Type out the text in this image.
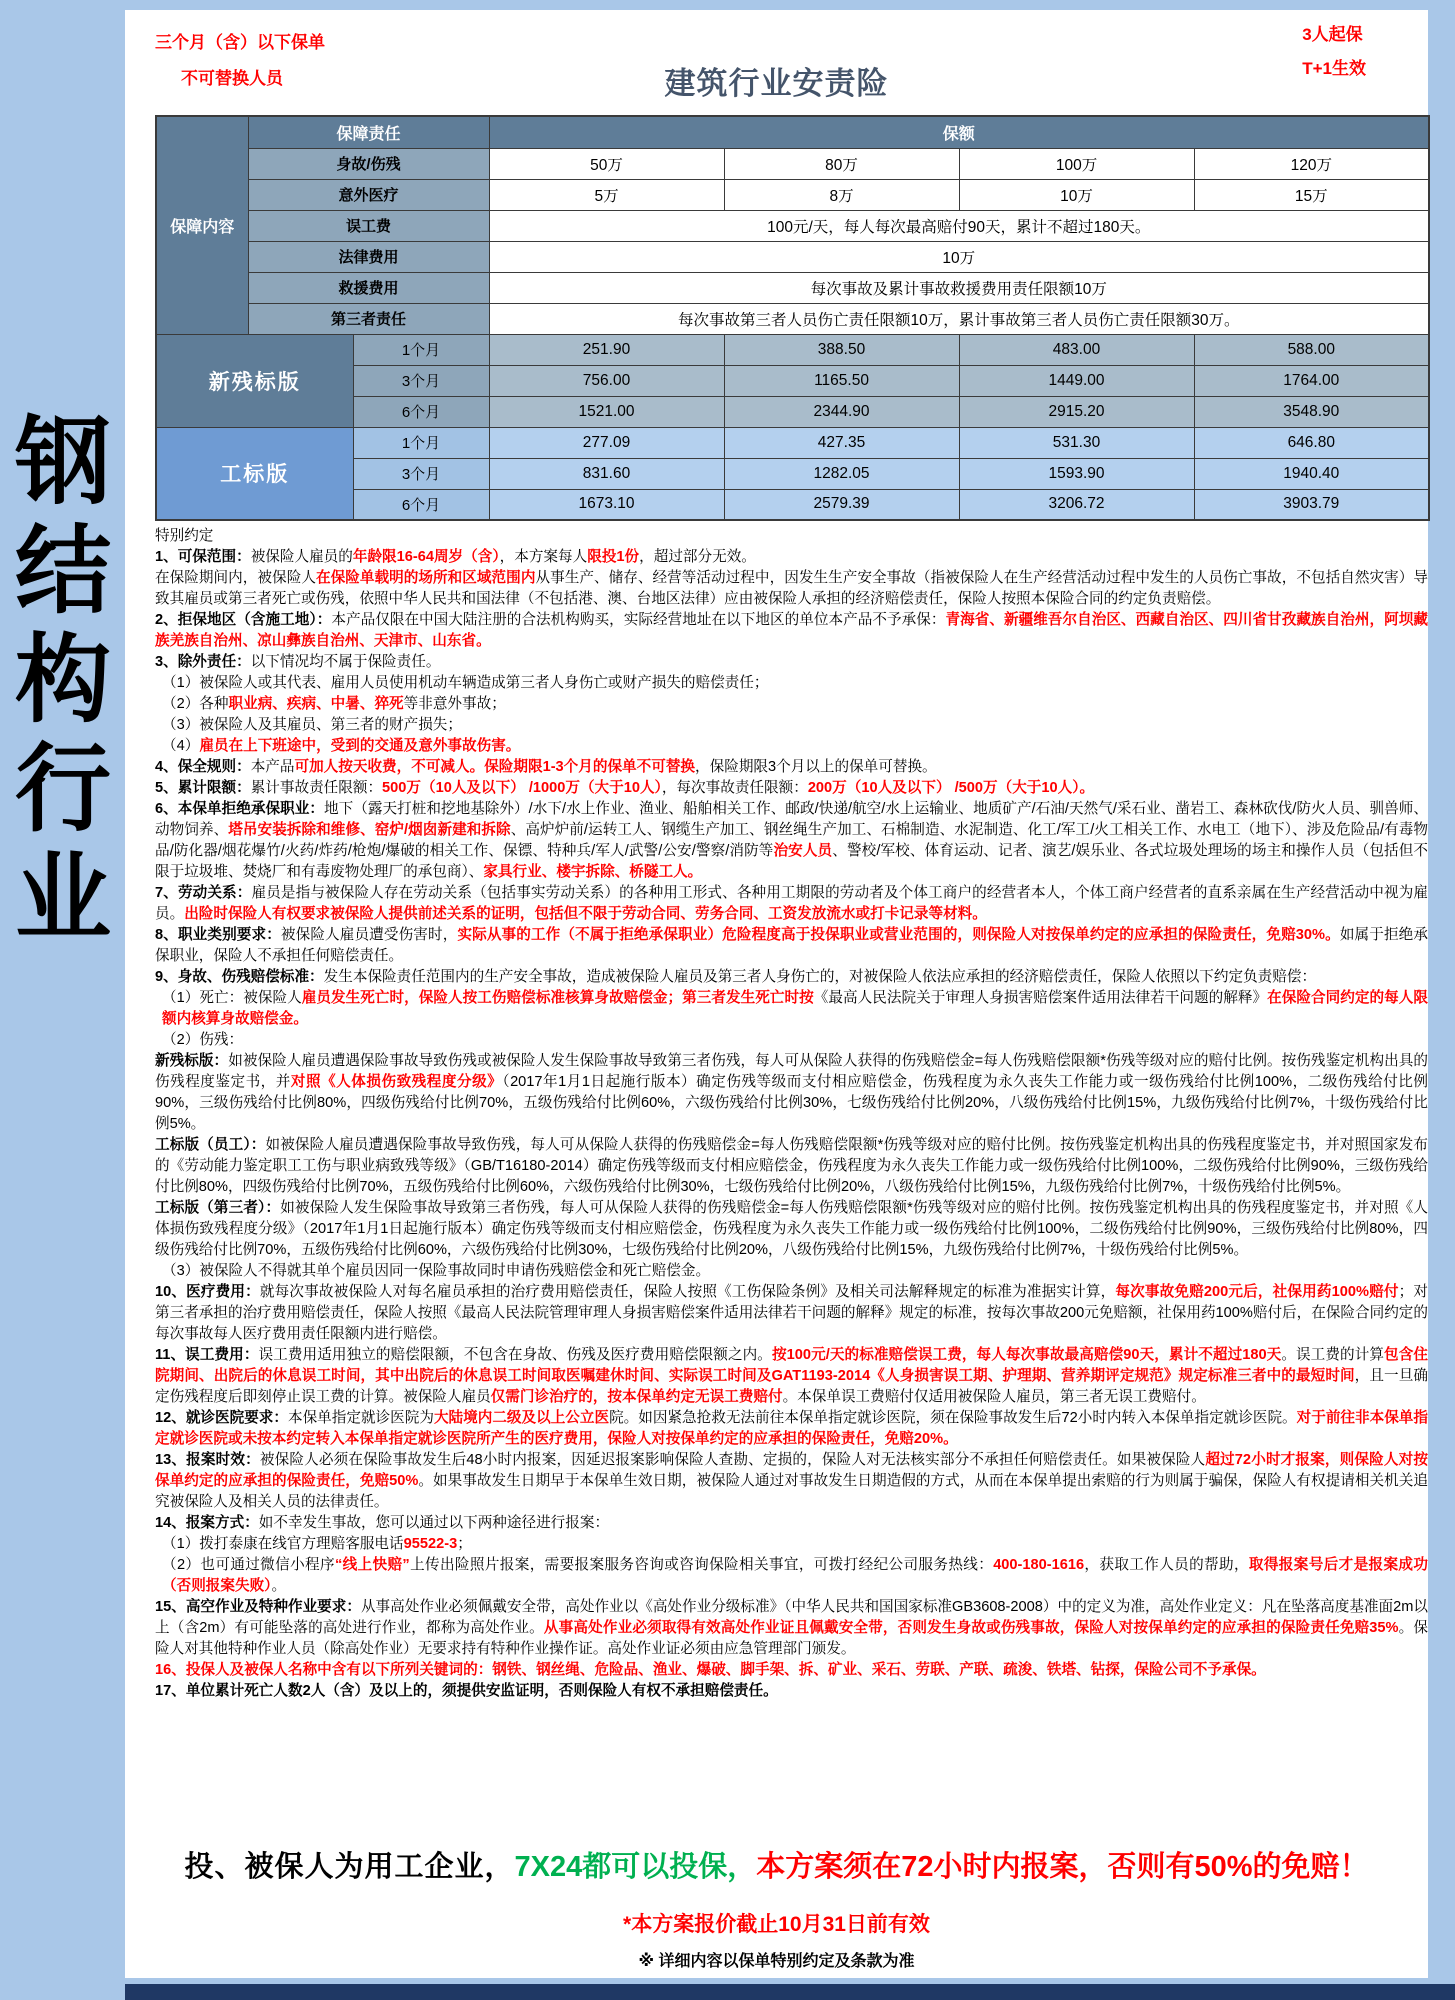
钢
结
构
行
业
三个月（含）以下保单
不可替换人员	建筑行业安责险
3人起保
T+1生效
保障内容	保障责任		保额			
	身故/伤残		50万	80万	100万	120万
	意外医疗		5万	8万	10万	15万
	误工费		100元/天，每人每次最高赔付90天，累计不超过180天。			
	法律费用		10万			
	救援费用		每次事故及累计事故救援费用责任限额10万			
	第三者责任		每次事故第三者人员伤亡责任限额10万，累计事故第三者人员伤亡责任限额30万。			
新残标版		1个月	251.90	388.50	483.00	588.00
		3个月	756.00	1165.50	1449.00	1764.00
		6个月	1521.00	2344.90	2915.20	3548.90
工标版		1个月	277.09	427.35	531.30	646.80
		3个月	831.60	1282.05	1593.90	1940.40
		6个月	1673.10	2579.39	3206.72	3903.79
特别约定
1、可保范围：被保险人雇员的年龄限16-64周岁（含），本方案每人限投1份，超过部分无效。
在保险期间内，被保险人在保险单载明的场所和区域范围内从事生产、储存、经营等活动过程中，因发生生产安全事故（指被保险人在生产经营活动过程中发生的人员伤亡事故，不包括自然灾害）导致其雇员或第三者死亡或伤残，依照中华人民共和国法律（不包括港、澳、台地区法律）应由被保险人承担的经济赔偿责任，保险人按照本保险合同的约定负责赔偿。
2、拒保地区（含施工地）：本产品仅限在中国大陆注册的合法机构购买，实际经营地址在以下地区的单位本产品不予承保：青海省、新疆维吾尔自治区、西藏自治区、四川省甘孜藏族自治州，阿坝藏族羌族自治州、凉山彝族自治州、天津市、山东省。
3、除外责任：以下情况均不属于保险责任。
（1）被保险人或其代表、雇用人员使用机动车辆造成第三者人身伤亡或财产损失的赔偿责任；
（2）各种职业病、疾病、中暑、猝死等非意外事故；
（3）被保险人及其雇员、第三者的财产损失；
（4）雇员在上下班途中，受到的交通及意外事故伤害。
4、保全规则：本产品可加人按天收费，不可减人。保险期限1-3个月的保单不可替换，保险期限3个月以上的保单可替换。
5、累计限额：累计事故责任限额：500万（10人及以下） /1000万（大于10人），每次事故责任限额：200万（10人及以下） /500万（大于10人）。
6、本保单拒绝承保职业：地下（露天打桩和挖地基除外）/水下/水上作业、渔业、船舶相关工作、邮政/快递/航空/水上运输业、地质矿产/石油/天然气/采石业、凿岩工、森林砍伐/防火人员、驯兽师、动物饲养、塔吊安装拆除和维修、窑炉/烟囱新建和拆除、高炉炉前/运转工人、钢缆生产加工、钢丝绳生产加工、石棉制造、水泥制造、化工/军工/火工相关工作、水电工（地下）、涉及危险品/有毒物品/防化器/烟花爆竹/火药/炸药/枪炮/爆破的相关工作、保镖、特种兵/军人/武警/公安/警察/消防等治安人员、警校/军校、体育运动、记者、演艺/娱乐业、各式垃圾处理场的场主和操作人员（包括但不限于垃圾堆、焚烧厂和有毒废物处理厂的承包商）、家具行业、楼宇拆除、桥隧工人。
7、劳动关系：雇员是指与被保险人存在劳动关系（包括事实劳动关系）的各种用工形式、各种用工期限的劳动者及个体工商户的经营者本人，个体工商户经营者的直系亲属在生产经营活动中视为雇员。出险时保险人有权要求被保险人提供前述关系的证明，包括但不限于劳动合同、劳务合同、工资发放流水或打卡记录等材料。
8、职业类别要求：被保险人雇员遭受伤害时，实际从事的工作（不属于拒绝承保职业）危险程度高于投保职业或营业范围的，则保险人对按保单约定的应承担的保险责任，免赔30%。如属于拒绝承保职业，保险人不承担任何赔偿责任。
9、身故、伤残赔偿标准：发生本保险责任范围内的生产安全事故，造成被保险人雇员及第三者人身伤亡的，对被保险人依法应承担的经济赔偿责任，保险人依照以下约定负责赔偿：
（1）死亡：被保险人雇员发生死亡时，保险人按工伤赔偿标准核算身故赔偿金；第三者发生死亡时按《最高人民法院关于审理人身损害赔偿案件适用法律若干问题的解释》在保险合同约定的每人限额内核算身故赔偿金。
（2）伤残：
新残标版：如被保险人雇员遭遇保险事故导致伤残或被保险人发生保险事故导致第三者伤残，每人可从保险人获得的伤残赔偿金=每人伤残赔偿限额*伤残等级对应的赔付比例。按伤残鉴定机构出具的伤残程度鉴定书，并对照《人体损伤致残程度分级》（2017年1月1日起施行版本）确定伤残等级而支付相应赔偿金，伤残程度为永久丧失工作能力或一级伤残给付比例100%，二级伤残给付比例90%，三级伤残给付比例80%，四级伤残给付比例70%，五级伤残给付比例60%，六级伤残给付比例30%，七级伤残给付比例20%，八级伤残给付比例15%，九级伤残给付比例7%，十级伤残给付比例5%。
工标版（员工）：如被保险人雇员遭遇保险事故导致伤残，每人可从保险人获得的伤残赔偿金=每人伤残赔偿限额*伤残等级对应的赔付比例。按伤残鉴定机构出具的伤残程度鉴定书，并对照国家发布的《劳动能力鉴定职工工伤与职业病致残等级》（GB/T16180-2014）确定伤残等级而支付相应赔偿金，伤残程度为永久丧失工作能力或一级伤残给付比例100%，二级伤残给付比例90%，三级伤残给付比例80%，四级伤残给付比例70%，五级伤残给付比例60%，六级伤残给付比例30%，七级伤残给付比例20%，八级伤残给付比例15%，九级伤残给付比例7%，十级伤残给付比例5%。
工标版（第三者）：如被保险人发生保险事故导致第三者伤残，每人可从保险人获得的伤残赔偿金=每人伤残赔偿限额*伤残等级对应的赔付比例。按伤残鉴定机构出具的伤残程度鉴定书，并对照《人体损伤致残程度分级》（2017年1月1日起施行版本）确定伤残等级而支付相应赔偿金，伤残程度为永久丧失工作能力或一级伤残给付比例100%，二级伤残给付比例90%，三级伤残给付比例80%，四级伤残给付比例70%，五级伤残给付比例60%，六级伤残给付比例30%，七级伤残给付比例20%，八级伤残给付比例15%，九级伤残给付比例7%，十级伤残给付比例5%。
（3）被保险人不得就其单个雇员因同一保险事故同时申请伤残赔偿金和死亡赔偿金。
10、医疗费用：就每次事故被保险人对每名雇员承担的治疗费用赔偿责任，保险人按照《工伤保险条例》及相关司法解释规定的标准为准据实计算，每次事故免赔200元后，社保用药100%赔付；对第三者承担的治疗费用赔偿责任，保险人按照《最高人民法院管理审理人身损害赔偿案件适用法律若干问题的解释》规定的标准，按每次事故200元免赔额，社保用药100%赔付后，在保险合同约定的每次事故每人医疗费用责任限额内进行赔偿。
11、误工费用：误工费用适用独立的赔偿限额，不包含在身故、伤残及医疗费用赔偿限额之内。按100元/天的标准赔偿误工费，每人每次事故最高赔偿90天，累计不超过180天。误工费的计算包含住院期间、出院后的休息误工时间，其中出院后的休息误工时间取医嘱建休时间、实际误工时间及GAT1193-2014《人身损害误工期、护理期、营养期评定规范》规定标准三者中的最短时间，且一旦确定伤残程度后即刻停止误工费的计算。被保险人雇员仅需门诊治疗的，按本保单约定无误工费赔付。本保单误工费赔付仅适用被保险人雇员，第三者无误工费赔付。
12、就诊医院要求：本保单指定就诊医院为大陆境内二级及以上公立医院。如因紧急抢救无法前往本保单指定就诊医院，须在保险事故发生后72小时内转入本保单指定就诊医院。对于前往非本保单指定就诊医院或未按本约定转入本保单指定就诊医院所产生的医疗费用，保险人对按保单约定的应承担的保险责任，免赔20%。
13、报案时效：被保险人必须在保险事故发生后48小时内报案，因延迟报案影响保险人查勘、定损的，保险人对无法核实部分不承担任何赔偿责任。如果被保险人超过72小时才报案，则保险人对按保单约定的应承担的保险责任，免赔50%。如果事故发生日期早于本保单生效日期，被保险人通过对事故发生日期造假的方式，从而在本保单提出索赔的行为则属于骗保，保险人有权提请相关机关追究被保险人及相关人员的法律责任。
14、报案方式：如不幸发生事故，您可以通过以下两种途径进行报案：
（1）拨打泰康在线官方理赔客服电话95522-3；
（2）也可通过微信小程序“线上快赔”上传出险照片报案，需要报案服务咨询或咨询保险相关事宜，可拨打经纪公司服务热线：400-180-1616，获取工作人员的帮助，取得报案号后才是报案成功（否则报案失败）。
15、高空作业及特种作业要求：从事高处作业必须佩戴安全带，高处作业以《高处作业分级标准》（中华人民共和国国家标准GB3608-2008）中的定义为准，高处作业定义：凡在坠落高度基准面2m以上（含2m）有可能坠落的高处进行作业，都称为高处作业。从事高处作业必须取得有效高处作业证且佩戴安全带，否则发生身故或伤残事故，保险人对按保单约定的应承担的保险责任免赔35%。保险人对其他特种作业人员（除高处作业）无要求持有特种作业操作证。高处作业证必须由应急管理部门颁发。
16、投保人及被保人名称中含有以下所列关键词的：钢铁、钢丝绳、危险品、渔业、爆破、脚手架、拆、矿业、采石、劳联、产联、疏浚、铁塔、钻探，保险公司不予承保。
17、单位累计死亡人数2人（含）及以上的，须提供安监证明，否则保险人有权不承担赔偿责任。
投、被保人为用工企业，7X24都可以投保，本方案须在72小时内报案，否则有50%的免赔！
*本方案报价截止10月31日前有效
※ 详细内容以保单特别约定及条款为准
